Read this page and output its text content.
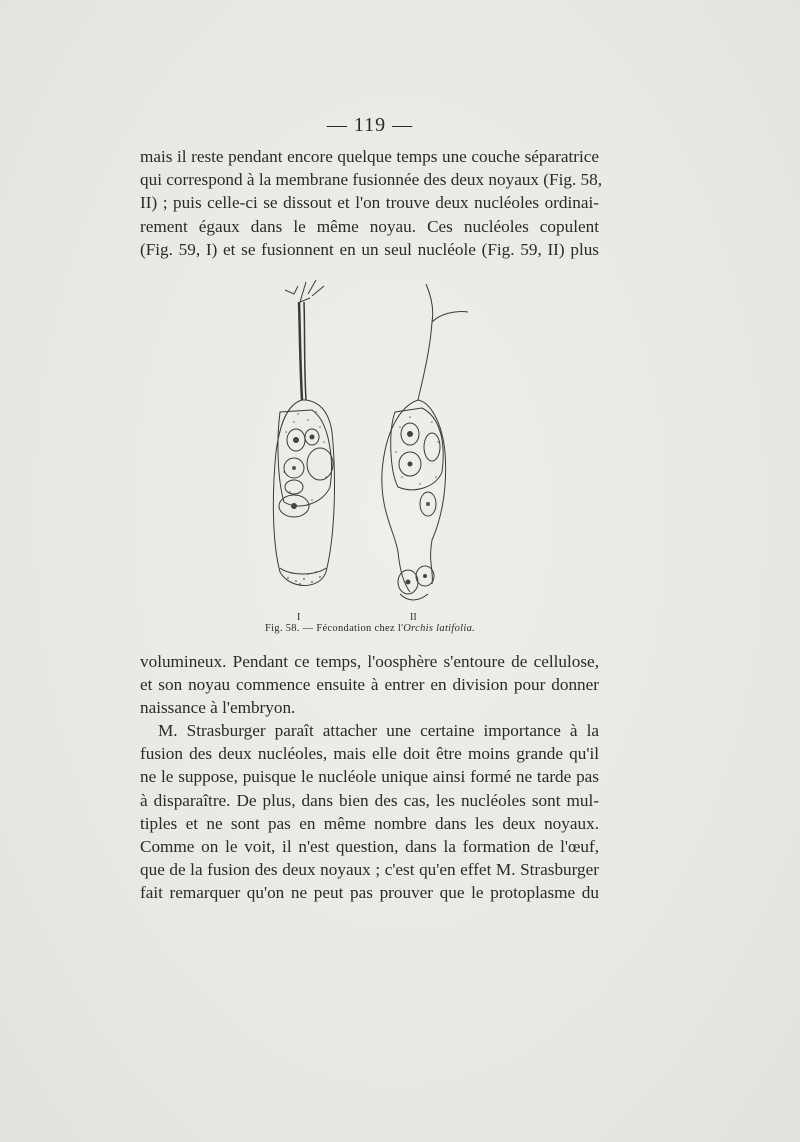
— 119 —

mais il reste pendant encore quelque temps une couche séparatrice
qui correspond à la membrane fusionnée des deux noyaux (Fig. 58,
II) ; puis celle-ci se dissout et l'on trouve deux nucléoles ordinai-
rement égaux dans le même noyau. Ces nucléoles copulent
(Fig. 59, I) et se fusionnent en un seul nucléole (Fig. 59, II) plus

I	II
Fig. 58. — Fécondation chez l'Orchis latifolia.

volumineux. Pendant ce temps, l'oosphère s'entoure de cellulose,
et son noyau commence ensuite à entrer en division pour donner
naissance à l'embryon.

M. Strasburger paraît attacher une certaine importance à la
fusion des deux nucléoles, mais elle doit être moins grande qu'il
ne le suppose, puisque le nucléole unique ainsi formé ne tarde pas
à disparaître. De plus, dans bien des cas, les nucléoles sont mul-
tiples et ne sont pas en même nombre dans les deux noyaux.
Comme on le voit, il n'est question, dans la formation de l'œuf,
que de la fusion des deux noyaux ; c'est qu'en effet M. Strasburger
fait remarquer qu'on ne peut pas prouver que le protoplasme du
